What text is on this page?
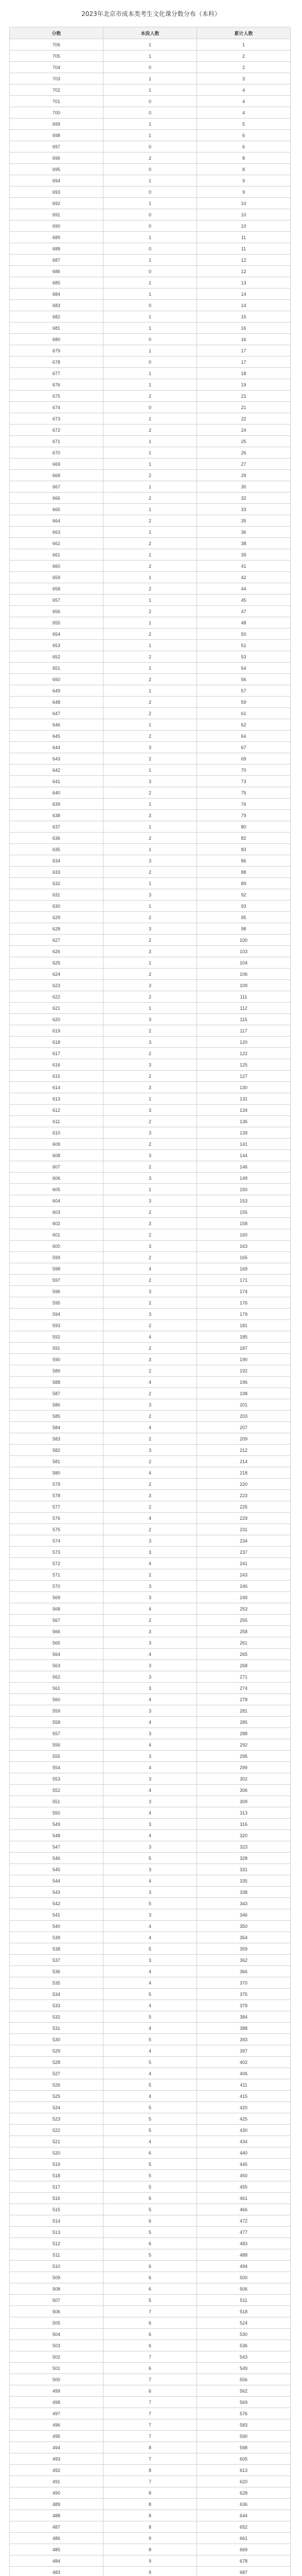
2023年北京市成本类考生文化课分数分布（本科）
分数	本段人数	累计人数
706	1	1
705	1	2
704	0	2
703	1	3
702	1	4
701	0	4
700	0	4
699	1	5
698	1	6
697	0	6
696	2	8
695	0	8
694	1	9
693	0	9
692	1	10
691	0	10
690	0	10
689	1	11
688	0	11
687	1	12
686	0	12
685	1	13
684	1	14
683	0	14
682	1	15
681	1	16
680	0	16
679	1	17
678	0	17
677	1	18
676	1	19
675	2	21
674	0	21
673	1	22
672	2	24
671	1	25
670	1	26
669	1	27
668	2	29
667	1	30
666	2	32
665	1	33
664	2	35
663	1	36
662	2	38
661	1	39
660	2	41
659	1	42
658	2	44
657	1	45
656	2	47
655	1	48
654	2	50
653	1	51
652	2	53
651	1	54
650	2	56
649	1	57
648	2	59
647	2	61
646	1	62
645	2	64
644	3	67
643	2	69
642	1	70
641	3	73
640	2	75
639	1	76
638	3	79
637	1	80
636	2	82
635	1	83
634	3	86
633	2	88
632	1	89
631	3	92
630	1	93
629	2	95
628	3	98
627	2	100
626	3	103
625	1	104
624	2	106
623	3	109
622	2	111
621	1	112
620	3	115
619	2	117
618	3	120
617	2	122
616	3	125
615	2	127
614	3	130
613	1	131
612	3	134
611	2	136
610	3	139
609	2	141
608	3	144
607	2	146
606	3	149
605	1	150
604	3	153
603	2	155
602	3	158
601	2	160
600	3	163
599	2	165
598	4	169
597	2	171
596	3	174
595	2	176
594	3	179
593	2	181
592	4	185
591	2	187
590	3	190
589	2	192
588	4	196
587	2	198
586	3	201
585	2	203
584	4	207
583	2	209
582	3	212
581	2	214
580	4	218
579	2	220
578	3	223
577	2	225
576	4	229
575	2	231
574	3	234
573	3	237
572	4	241
571	2	243
570	3	246
569	3	249
568	4	253
567	2	255
566	3	258
565	3	261
564	4	265
563	3	268
562	3	271
561	3	274
560	4	278
559	3	281
558	4	285
557	3	288
556	4	292
555	3	295
554	4	299
553	3	302
552	4	306
551	3	309
550	4	313
549	3	316
548	4	320
547	3	323
546	5	328
545	3	331
544	4	335
543	3	338
542	5	343
541	3	346
540	4	350
539	4	354
538	5	359
537	3	362
536	4	366
535	4	370
534	5	375
533	4	379
532	5	384
531	4	388
530	5	393
529	4	397
528	5	402
527	4	406
526	5	411
525	4	415
524	5	420
523	5	425
522	5	430
521	4	434
520	6	440
519	5	445
518	5	450
517	5	455
516	6	461
515	5	466
514	6	472
513	5	477
512	6	483
511	5	488
510	6	494
509	6	500
508	6	506
507	5	511
506	7	518
505	6	524
504	6	530
503	6	536
502	7	543
501	6	549
500	7	556
499	6	562
498	7	569
497	7	576
496	7	583
495	7	590
494	8	598
493	7	605
492	8	613
491	7	620
490	8	628
489	8	636
488	8	644
487	8	652
486	9	661
485	8	669
484	9	678
483	9	687
